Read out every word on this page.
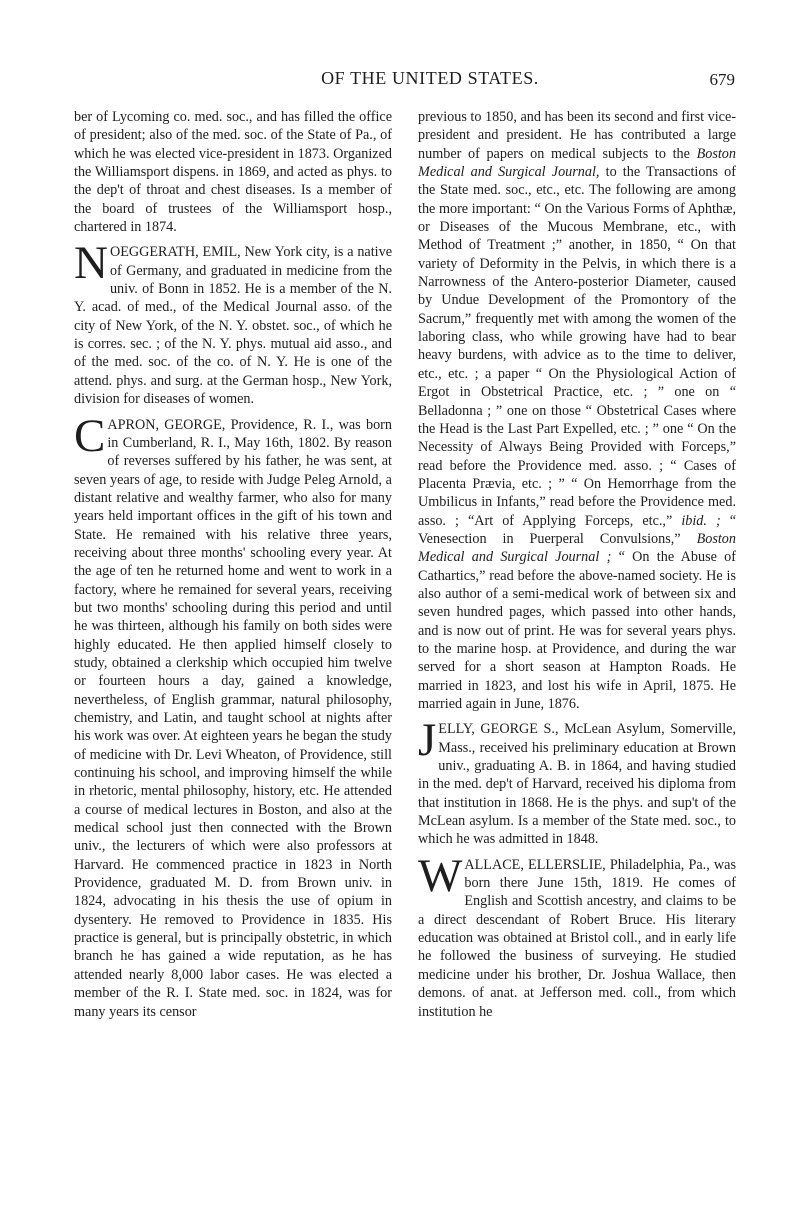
OF THE UNITED STATES.	679

ber of Lycoming co. med. soc., and has filled the office of president; also of the med. soc. of the State of Pa., of which he was elected vice-president in 1873. Organized the Williamsport dispens. in 1869, and acted as phys. to the dep't of throat and chest diseases. Is a member of the board of trustees of the Williamsport hosp., chartered in 1874.

NOEGGERATH, EMIL, New York city, is a native of Germany, and graduated in medicine from the univ. of Bonn in 1852. He is a member of the N. Y. acad. of med., of the Medical Journal asso. of the city of New York, of the N. Y. obstet. soc., of which he is corres. sec. ; of the N. Y. phys. mutual aid asso., and of the med. soc. of the co. of N. Y. He is one of the attend. phys. and surg. at the German hosp., New York, division for diseases of women.

CAPRON, GEORGE, Providence, R. I., was born in Cumberland, R. I., May 16th, 1802. By reason of reverses suffered by his father, he was sent, at seven years of age, to reside with Judge Peleg Arnold, a distant relative and wealthy farmer, who also for many years held important offices in the gift of his town and State. He remained with his relative three years, receiving about three months' schooling every year. At the age of ten he returned home and went to work in a factory, where he remained for several years, receiving but two months' schooling during this period and until he was thirteen, although his family on both sides were highly educated. He then applied himself closely to study, obtained a clerkship which occupied him twelve or fourteen hours a day, gained a knowledge, nevertheless, of English grammar, natural philosophy, chemistry, and Latin, and taught school at nights after his work was over. At eighteen years he began the study of medicine with Dr. Levi Wheaton, of Providence, still continuing his school, and improving himself the while in rhetoric, mental philosophy, history, etc. He attended a course of medical lectures in Boston, and also at the medical school just then connected with the Brown univ., the lecturers of which were also professors at Harvard. He commenced practice in 1823 in North Providence, graduated M. D. from Brown univ. in 1824, advocating in his thesis the use of opium in dysentery. He removed to Providence in 1835. His practice is general, but is principally obstetric, in which branch he has gained a wide reputation, as he has attended nearly 8,000 labor cases. He was elected a member of the R. I. State med. soc. in 1824, was for many years its censor

previous to 1850, and has been its second and first vice-president and president. He has contributed a large number of papers on medical subjects to the Boston Medical and Surgical Journal, to the Transactions of the State med. soc., etc., etc. The following are among the more important: “ On the Various Forms of Aphthæ, or Diseases of the Mucous Membrane, etc., with Method of Treatment ;” another, in 1850, “ On that variety of Deformity in the Pelvis, in which there is a Narrowness of the Antero-posterior Diameter, caused by Undue Development of the Promontory of the Sacrum,” frequently met with among the women of the laboring class, who while growing have had to bear heavy burdens, with advice as to the time to deliver, etc., etc. ; a paper “ On the Physiological Action of Ergot in Obstetrical Practice, etc. ; ” one on “ Belladonna ; ” one on those “ Obstetrical Cases where the Head is the Last Part Expelled, etc. ; ” one “ On the Necessity of Always Being Provided with Forceps,” read before the Providence med. asso. ; “ Cases of Placenta Prævia, etc. ; ” “ On Hemorrhage from the Umbilicus in Infants,” read before the Providence med. asso. ; “Art of Applying Forceps, etc.,” ibid. ; “ Venesection in Puerperal Convulsions,” Boston Medical and Surgical Journal ; “ On the Abuse of Cathartics,” read before the above-named society. He is also author of a semi-medical work of between six and seven hundred pages, which passed into other hands, and is now out of print. He was for several years phys. to the marine hosp. at Providence, and during the war served for a short season at Hampton Roads. He married in 1823, and lost his wife in April, 1875. He married again in June, 1876.

JELLY, GEORGE S., McLean Asylum, Somerville, Mass., received his preliminary education at Brown univ., graduating A. B. in 1864, and having studied in the med. dep't of Harvard, received his diploma from that institution in 1868. He is the phys. and sup't of the McLean asylum. Is a member of the State med. soc., to which he was admitted in 1848.

WALLACE, ELLERSLIE, Philadelphia, Pa., was born there June 15th, 1819. He comes of English and Scottish ancestry, and claims to be a direct descendant of Robert Bruce. His literary education was obtained at Bristol coll., and in early life he followed the business of surveying. He studied medicine under his brother, Dr. Joshua Wallace, then demons. of anat. at Jefferson med. coll., from which institution he
